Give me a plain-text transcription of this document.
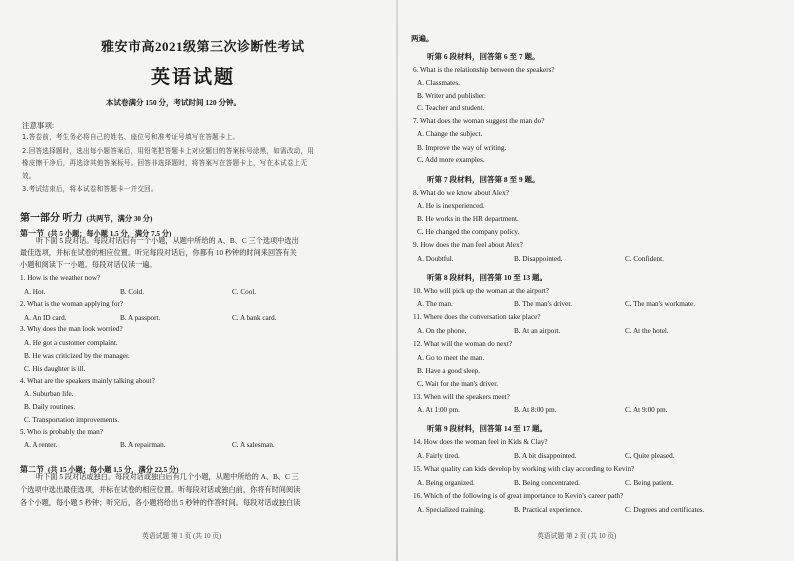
雅安市高2021级第三次诊断性考试
英语试题
本试卷满分 150 分，考试时间 120 分钟。
注意事项:
1.答卷前，考生务必将自己的姓名、座位号和准考证号填写在答题卡上。
2.回答选择题时，选出每小题答案后，用铅笔把答题卡上对应题目的答案标号涂黑，如需改动，用
橡皮擦干净后，再选涂其他答案标号。回答非选择题时，将答案写在答题卡上，写在本试卷上无
效。
3.考试结束后，将本试卷和答题卡一并交回。
第一部分 听力 (共两节，满分 30 分)
第一节 (共 5 小题；每小题 1.5 分，满分 7.5 分)
听下面 5 段对话。每段对话后有一个小题，从题中所给的 A、B、C 三个选项中选出
最佳选项，并标在试卷的相应位置。听完每段对话后，你都有 10 秒钟的时间来回答有关
小题和阅读下一小题。每段对话仅读一遍。
1. How is the weather now?
A. Hot.	B. Cold.	C. Cool.
2. What is the woman applying for?
A. An ID card.	B. A passport.	C. A bank card.
3. Why does the man look worried?
A. He got a customer complaint.
B. He was criticized by the manager.
C. His daughter is ill.
4. What are the speakers mainly talking about?
A. Suburban life.
B. Daily routines.
C. Transportation improvements.
5. Who is probably the man?
A. A renter.	B. A repairman.	C. A salesman.
第二节 (共 15 小题；每小题 1.5 分，满分 22.5 分)
听下面 5 段对话或独白。每段对话或独白后有几个小题，从题中所给的 A、B、C 三
个选项中选出最佳选项，并标在试卷的相应位置。听每段对话或独白前，你将有时间阅读
各个小题，每小题 5 秒钟；听完后，各小题将给出 5 秒钟的作答时间。每段对话或独白读
英语试题 第 1 页 (共 10 页)
两遍。
听第 6 段材料，回答第 6 至 7 题。
6. What is the relationship between the speakers?
A. Classmates.
B. Writer and publisher.
C. Teacher and student.
7. What does the woman suggest the man do?
A. Change the subject.
B. Improve the way of writing.
C. Add more examples.
听第 7 段材料，回答第 8 至 9 题。
8. What do we know about Alex?
A. He is inexperienced.
B. He works in the HR department.
C. He changed the company policy.
9. How does the man feel about Alex?
A. Doubtful.	B. Disappointed.	C. Confident.
听第 8 段材料，回答第 10 至 13 题。
10. Who will pick up the woman at the airport?
A. The man.	B. The man's driver.	C. The man's workmate.
11. Where does the conversation take place?
A. On the phone.	B. At an airport.	C. At the hotel.
12. What will the woman do next?
A. Go to meet the man.
B. Have a good sleep.
C. Wait for the man's driver.
13. When will the speakers meet?
A. At 1:00 pm.	B. At 8:00 pm.	C. At 9:00 pm.
听第 9 段材料，回答第 14 至 17 题。
14. How does the woman feel in Kids & Clay?
A. Fairly tired.	B. A bit disappointed.	C. Quite pleased.
15. What quality can kids develop by working with clay according to Kevin?
A. Being organized.	B. Being concentrated.	C. Being patient.
16. Which of the following is of great importance to Kevin's career path?
A. Specialized training.	B. Practical experience.	C. Degrees and certificates.
英语试题 第 2 页 (共 10 页)
